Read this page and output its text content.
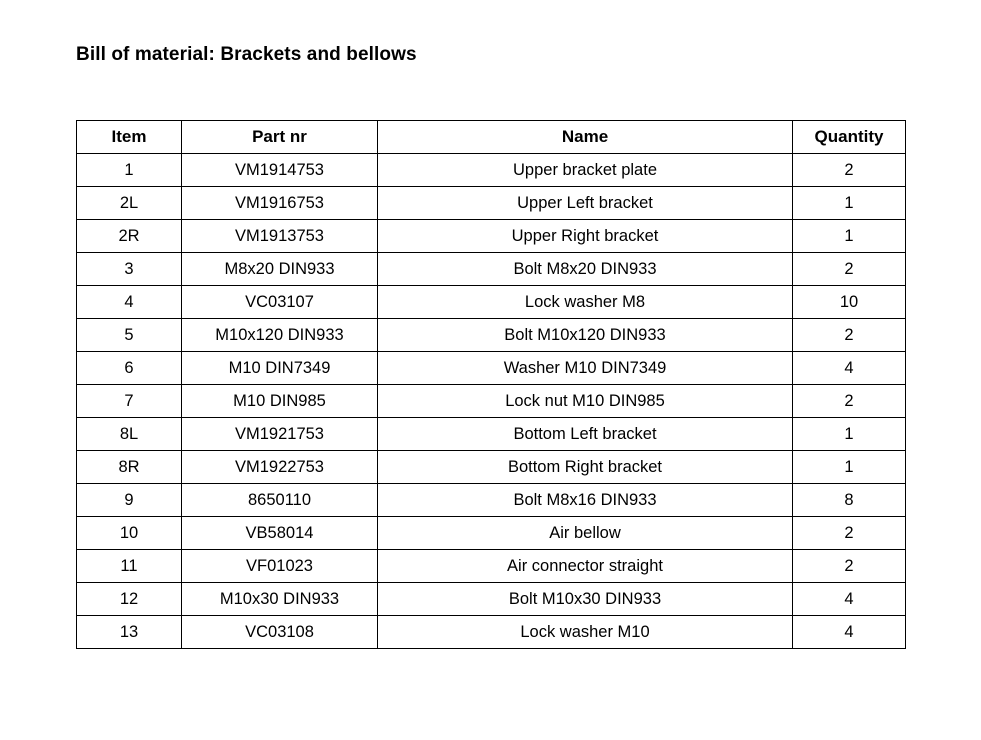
Bill of material: Brackets and bellows
Item	Part nr	Name	Quantity
1	VM1914753	Upper bracket plate	2
2L	VM1916753	Upper Left bracket	1
2R	VM1913753	Upper Right bracket	1
3	M8x20 DIN933	Bolt M8x20 DIN933	2
4	VC03107	Lock washer M8	10
5	M10x120 DIN933	Bolt M10x120 DIN933	2
6	M10 DIN7349	Washer M10 DIN7349	4
7	M10 DIN985	Lock nut M10 DIN985	2
8L	VM1921753	Bottom Left bracket	1
8R	VM1922753	Bottom Right bracket	1
9	8650110	Bolt M8x16 DIN933	8
10	VB58014	Air bellow	2
11	VF01023	Air connector straight	2
12	M10x30 DIN933	Bolt M10x30 DIN933	4
13	VC03108	Lock washer M10	4
